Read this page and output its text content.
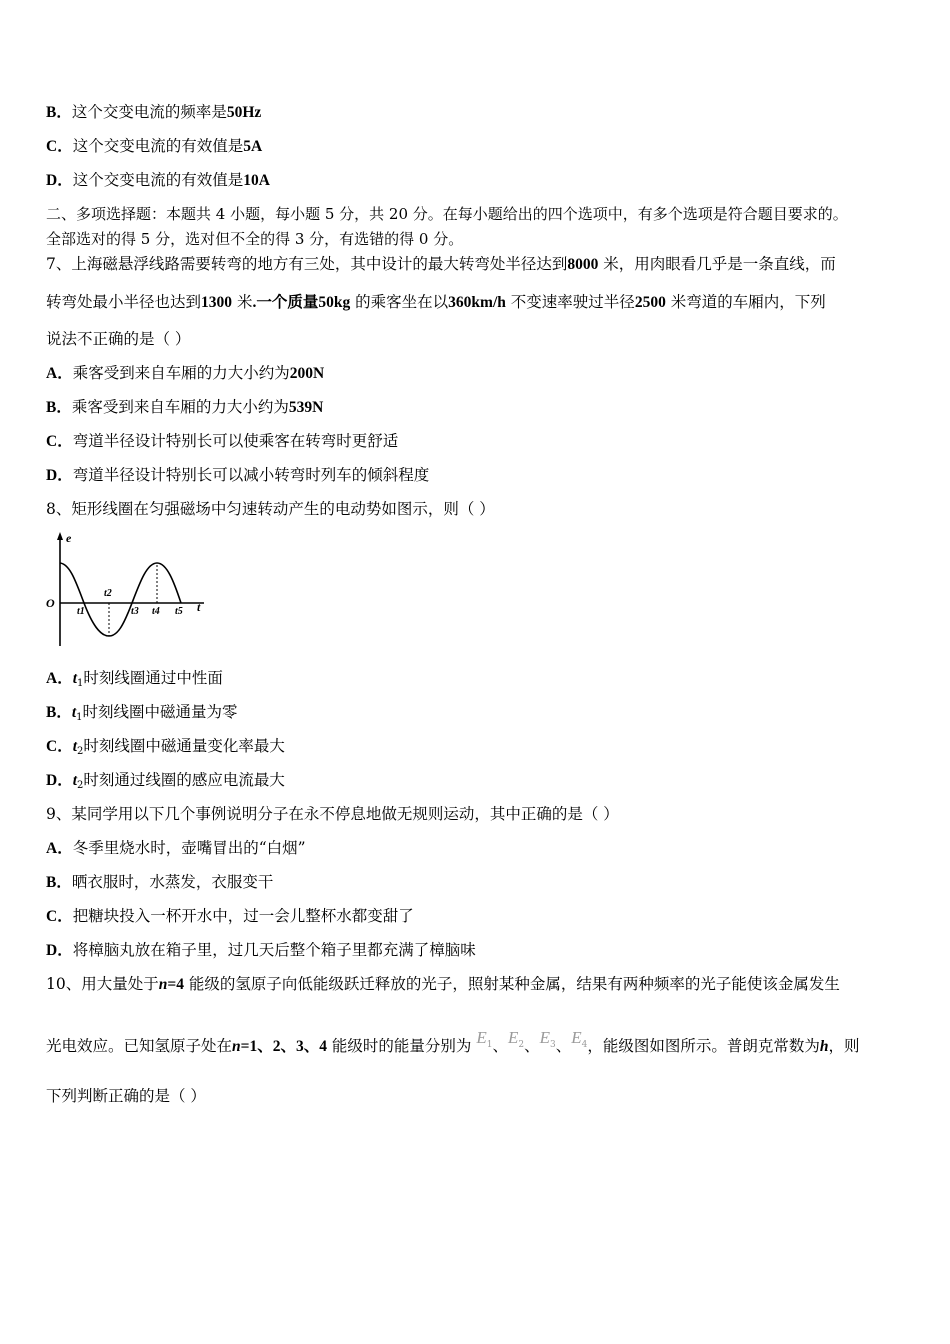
B．这个交变电流的频率是50Hz
C．这个交变电流的有效值是5A
D．这个交变电流的有效值是10A
二、多项选择题：本题共 4 小题，每小题 5 分，共 20 分。在每小题给出的四个选项中，有多个选项是符合题目要求的。
全部选对的得 5 分，选对但不全的得 3 分，有选错的得 0 分。
7、上海磁悬浮线路需要转弯的地方有三处，其中设计的最大转弯处半径达到8000 米，用肉眼看几乎是一条直线，而
转弯处最小半径也达到1300 米.一个质量50kg 的乘客坐在以360km/h 不变速率驶过半径2500 米弯道的车厢内，下列
说法不正确的是（ ）
A．乘客受到来自车厢的力大小约为200N
B．乘客受到来自车厢的力大小约为539N
C．弯道半径设计特别长可以使乘客在转弯时更舒适
D．弯道半径设计特别长可以减小转弯时列车的倾斜程度
8、矩形线圈在匀强磁场中匀速转动产生的电动势如图示，则（ ）
e
t
O
t1
t2
t3 t4 t5
A．$t_1$时刻线圈通过中性面
B．$t_1$时刻线圈中磁通量为零
C．$t_2$时刻线圈中磁通量变化率最大
D．$t_2$时刻通过线圈的感应电流最大
9、某同学用以下几个事例说明分子在永不停息地做无规则运动，其中正确的是（ ）
A．冬季里烧水时，壶嘴冒出的“白烟”
B．晒衣服时，水蒸发，衣服变干
C．把糖块投入一杯开水中，过一会儿整杯水都变甜了
D．将樟脑丸放在箱子里，过几天后整个箱子里都充满了樟脑味
10、用大量处于n=4 能级的氢原子向低能级跃迁释放的光子，照射某种金属，结果有两种频率的光子能使该金属发生
光电效应。已知氢原子处在n=1、2、3、4 能级时的能量分别为 $E_1$、$E_2$、$E_3$、$E_4$，能级图如图所示。普朗克常数为h，则
下列判断正确的是（ ）
